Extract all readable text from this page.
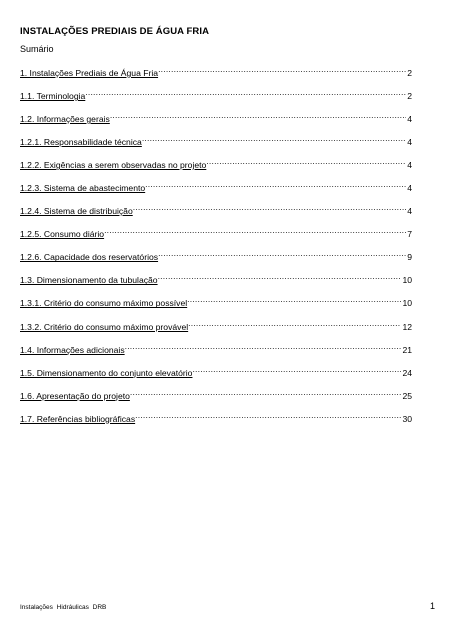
INSTALAÇÕES PREDIAIS DE ÁGUA FRIA
Sumário
1. Instalações Prediais de Água Fria .....	2
1.1. Terminologia .....	2
1.2. Informações gerais .....	4
1.2.1. Responsabilidade técnica .....	4
1.2.2. Exigências a serem observadas no projeto .....	4
1.2.3. Sistema de abastecimento .....	4
1.2.4. Sistema de distribuição .....	4
1.2.5. Consumo diário .....	7
1.2.6. Capacidade dos reservatórios .....	9
1.3. Dimensionamento da tubulação .....	10
1.3.1. Critério do consumo máximo possível .....	10
1.3.2. Critério do consumo máximo provável .....	12
1.4. Informações adicionais .....	21
1.5. Dimensionamento do conjunto elevatório .....	24
1.6. Apresentação do projeto .....	25
1.7. Referências bibliográficas .....	30
Instalações Hidráulicas DRB	1
